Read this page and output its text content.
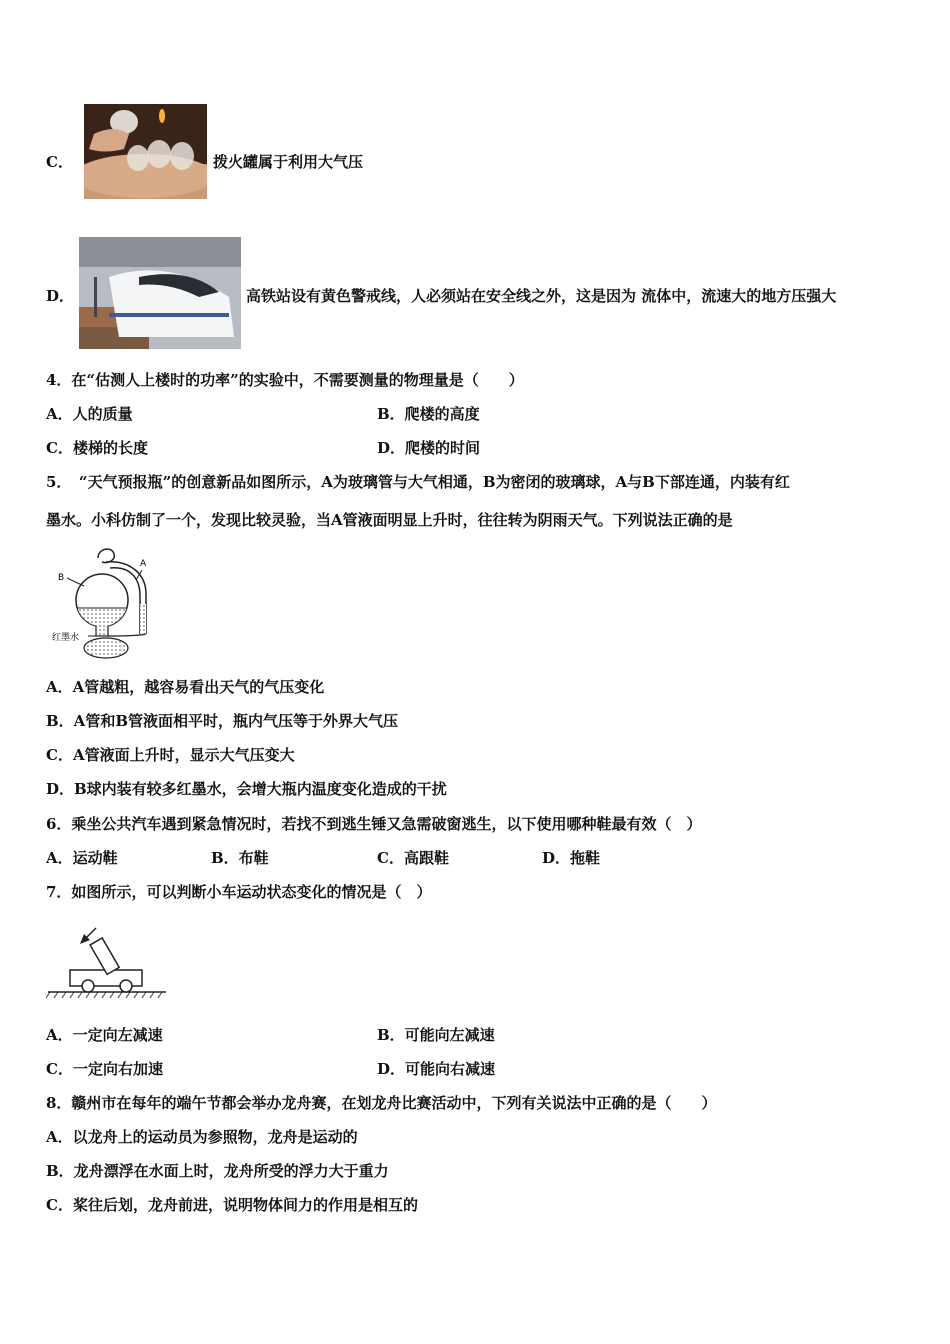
C．	拨火罐属于利用大气压
D．	高铁站设有黄色警戒线，人必须站在安全线之外，这是因为 流体中，流速大的地方压强大
4．在“估测人上楼时的功率”的实验中，不需要测量的物理量是（　　）
A．人的质量	B．爬楼的高度
C．楼梯的长度	D．爬楼的时间
5．　“天气预报瓶”的创意新品如图所示，A为玻璃管与大气相通，B为密闭的玻璃球，A与B下部连通，内装有红
墨水。小科仿制了一个，发现比较灵验，当A管液面明显上升时，往往转为阴雨天气。下列说法正确的是
B
A
红墨水
A．A管越粗，越容易看出天气的气压变化
B．A管和B管液面相平时，瓶内气压等于外界大气压
C．A管液面上升时，显示大气压变大
D．B球内装有较多红墨水，会增大瓶内温度变化造成的干扰
6．乘坐公共汽车遇到紧急情况时，若找不到逃生锤又急需破窗逃生，以下使用哪种鞋最有效（　）
A．运动鞋	B．布鞋	C．高跟鞋	D．拖鞋
7．如图所示，可以判断小车运动状态变化的情况是（　）
A．一定向左减速	B．可能向左减速
C．一定向右加速	D．可能向右减速
8．赣州市在每年的端午节都会举办龙舟赛，在划龙舟比赛活动中，下列有关说法中正确的是（　　）
A．以龙舟上的运动员为参照物，龙舟是运动的
B．龙舟漂浮在水面上时，龙舟所受的浮力大于重力
C．桨往后划，龙舟前进，说明物体间力的作用是相互的
